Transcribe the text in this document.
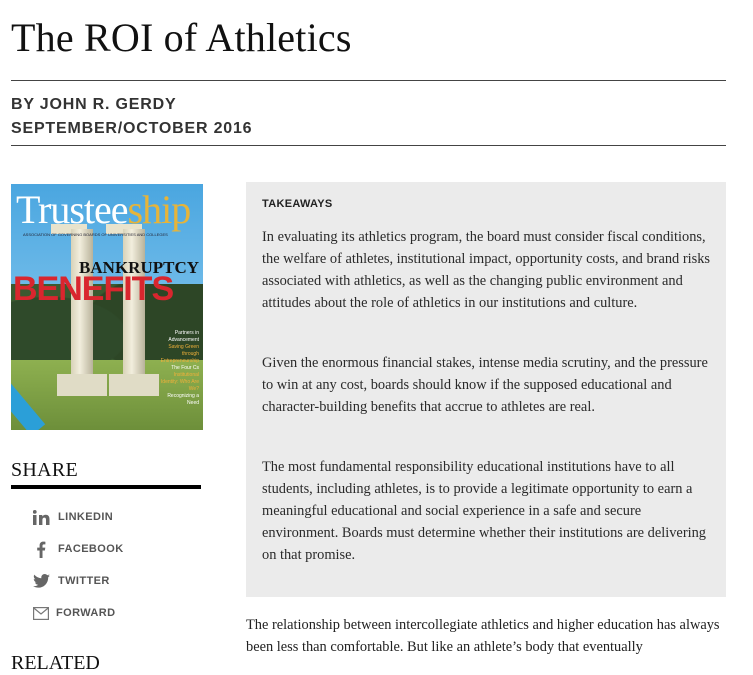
The ROI of Athletics
BY JOHN R. GERDY
SEPTEMBER/OCTOBER 2016
Trusteeship
ASSOCIATION OF GOVERNING BOARDS OF UNIVERSITIES AND COLLEGES
BANKRUPTCY
BENEFITS
Partners in Advancement
Saving Green through Entrepreneurship
The Four Cs
Institutional Identity: Who Are We?
Recognizing a Need
SHARE
LINKEDIN
FACEBOOK
TWITTER
FORWARD
RELATED
TAKEAWAYS

In evaluating its athletics program, the board must consider fiscal conditions, the welfare of athletes, institutional impact, opportunity costs, and brand risks associated with athletics, as well as the changing public environment and attitudes about the role of athletics in our institutions and culture.

Given the enormous financial stakes, intense media scrutiny, and the pressure to win at any cost, boards should know if the supposed educational and character-building benefits that accrue to athletes are real.

The most fundamental responsibility educational institutions have to all students, including athletes, is to provide a legitimate opportunity to earn a meaningful educational and social experience in a safe and secure environment. Boards must determine whether their institutions are delivering on that promise.

The relationship between intercollegiate athletics and higher education has always been less than comfortable. But like an athlete’s body that eventually
